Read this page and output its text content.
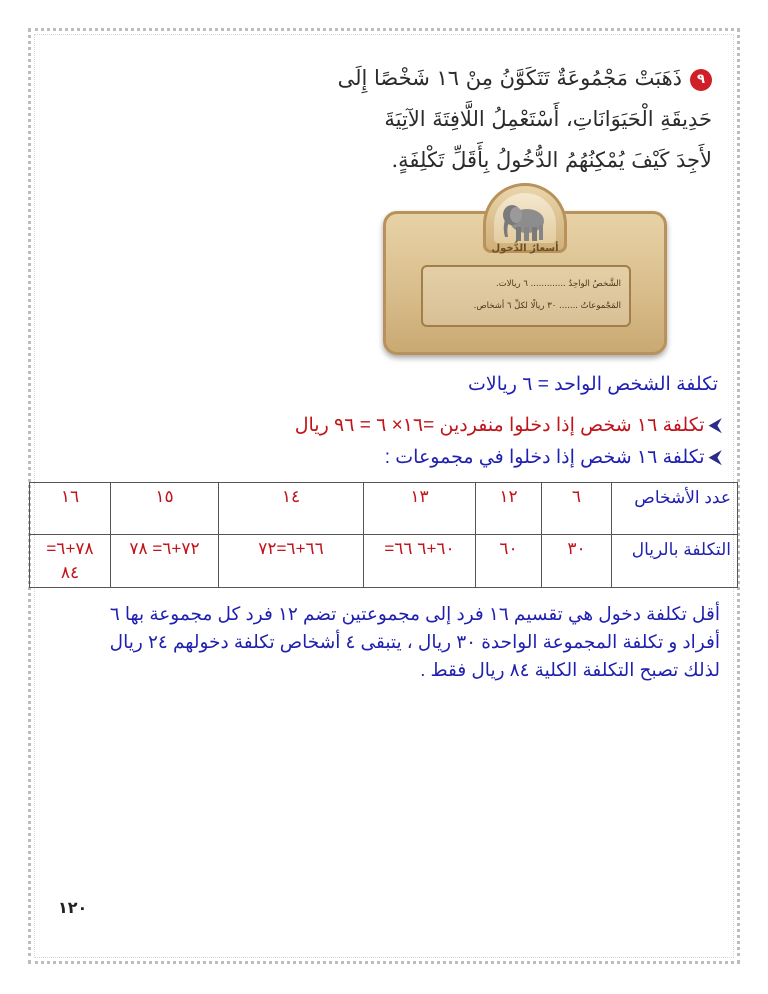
٩ذَهَبَتْ مَجْمُوعَةٌ تَتَكَوَّنُ مِنْ ١٦ شَخْصًا إِلَى
حَدِيقَةِ الْحَيَوَانَاتِ، أَسْتَعْمِلُ اللَّافِتَةَ الآتِيَةَ
لأَجِدَ كَيْفَ يُمْكِنُهُمُ الدُّخُولُ بِأَقَلِّ تَكْلِفَةٍ.
أسعارُ الدُّخول
الشَّخصُ الواحِدُ ............. ٦ ريالات.
المَجْموعاتُ ....... ٣٠ ريالًا لكلِّ ٦ أشخاص.
تكلفة الشخص الواحد = ٦ ريالات
⮜تكلفة ١٦ شخص إذا دخلوا منفردين =١٦× ٦ = ٩٦ ريال
⮜تكلفة ١٦ شخص إذا دخلوا في مجموعات :
عدد الأشخاص	٦	١٢	١٣	١٤	١٥	١٦
التكلفة بالريال	٣٠	٦٠	٦٠+٦ ٦٦=	٦٦+٦=٧٢	٧٢+٦= ٧٨	٧٨+٦= ٨٤
أقل تكلفة دخول هي تقسيم ١٦ فرد إلى مجموعتين تضم ١٢ فرد كل مجموعة بها ٦
أفراد و تكلفة المجموعة الواحدة ٣٠ ريال ، يتبقى ٤ أشخاص تكلفة دخولهم ٢٤ ريال
لذلك تصبح التكلفة الكلية ٨٤ ريال فقط .
١٢٠
